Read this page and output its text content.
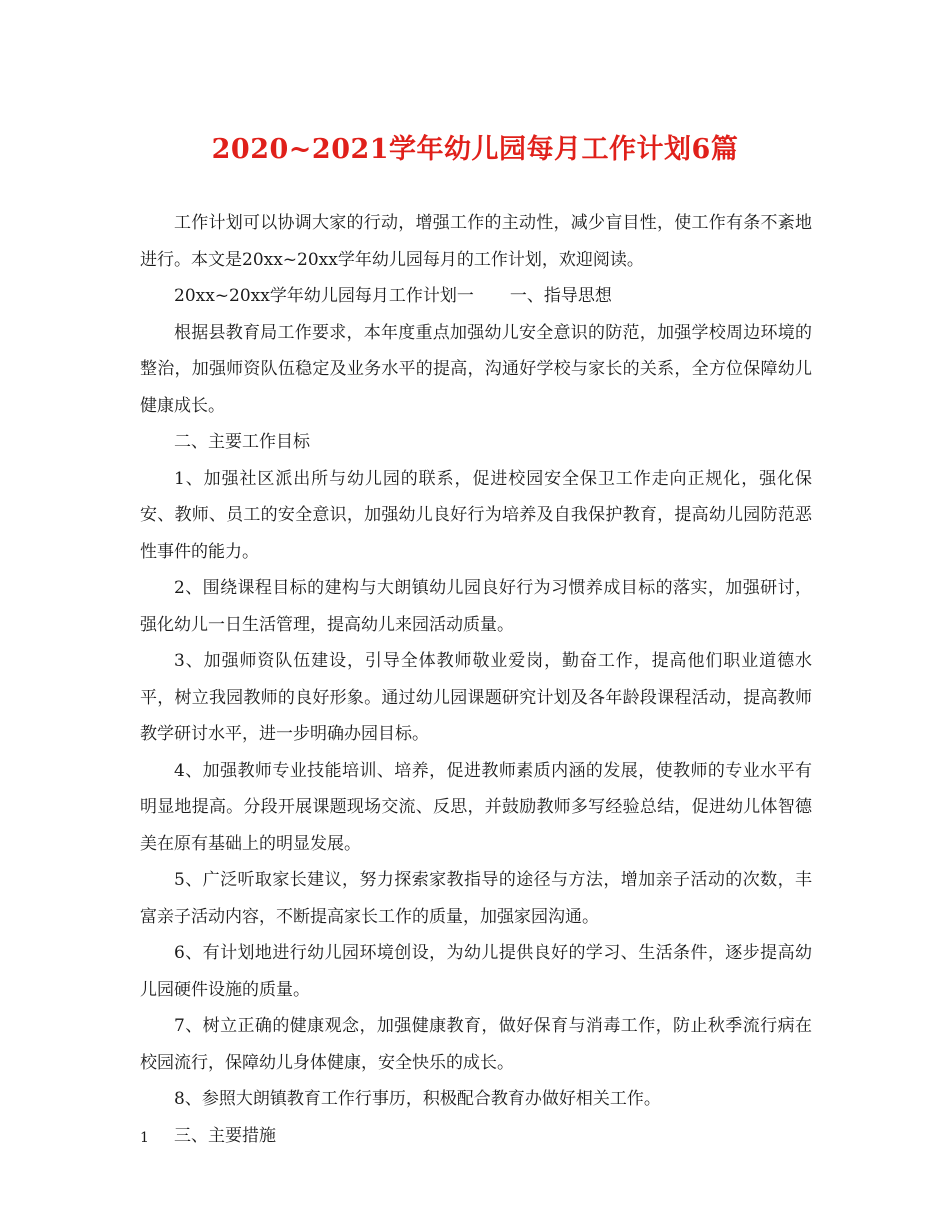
2020~2021学年幼儿园每月工作计划6篇

工作计划可以协调大家的行动，增强工作的主动性，减少盲目性，使工作有条不紊地进行。本文是20xx~20xx学年幼儿园每月的工作计划，欢迎阅读。

20xx~20xx学年幼儿园每月工作计划一 一、指导思想

根据县教育局工作要求，本年度重点加强幼儿安全意识的防范，加强学校周边环境的整治，加强师资队伍稳定及业务水平的提高，沟通好学校与家长的关系，全方位保障幼儿健康成长。

二、主要工作目标

1、加强社区派出所与幼儿园的联系，促进校园安全保卫工作走向正规化，强化保安、教师、员工的安全意识，加强幼儿良好行为培养及自我保护教育，提高幼儿园防范恶性事件的能力。

2、围绕课程目标的建构与大朗镇幼儿园良好行为习惯养成目标的落实，加强研讨，强化幼儿一日生活管理，提高幼儿来园活动质量。

3、加强师资队伍建设，引导全体教师敬业爱岗，勤奋工作，提高他们职业道德水平，树立我园教师的良好形象。通过幼儿园课题研究计划及各年龄段课程活动，提高教师教学研讨水平，进一步明确办园目标。

4、加强教师专业技能培训、培养，促进教师素质内涵的发展，使教师的专业水平有明显地提高。分段开展课题现场交流、反思，并鼓励教师多写经验总结，促进幼儿体智德美在原有基础上的明显发展。

5、广泛听取家长建议，努力探索家教指导的途径与方法，增加亲子活动的次数，丰富亲子活动内容，不断提高家长工作的质量，加强家园沟通。

6、有计划地进行幼儿园环境创设，为幼儿提供良好的学习、生活条件，逐步提高幼儿园硬件设施的质量。

7、树立正确的健康观念，加强健康教育，做好保育与消毒工作，防止秋季流行病在校园流行，保障幼儿身体健康，安全快乐的成长。

8、参照大朗镇教育工作行事历，积极配合教育办做好相关工作。

三、主要措施

1
